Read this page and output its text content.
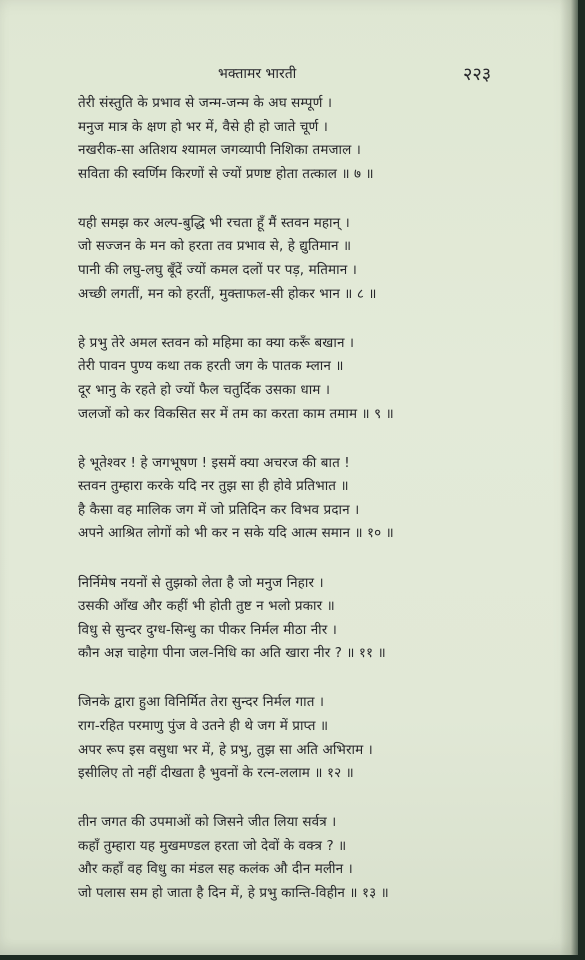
भक्तामर भारती	२२३
तेरी संस्तुति के प्रभाव से जन्म-जन्म के अघ सम्पूर्ण ।
मनुज मात्र के क्षण हो भर में, वैसे ही हो जाते चूर्ण ।
नखरीक-सा अतिशय श्यामल जगव्यापी निशिका तमजाल ।
सविता की स्वर्णिम किरणों से ज्यों प्रणष्ट होता तत्काल ॥ ७ ॥
यही समझ कर अल्प-बुद्धि भी रचता हूँ मैं स्तवन महान् ।
जो सज्जन के मन को हरता तव प्रभाव से, हे द्युतिमान ॥
पानी की लघु-लघु बूँदें ज्यों कमल दलों पर पड़, मतिमान ।
अच्छी लगतीं, मन को हरतीं, मुक्ताफल-सी होकर भान ॥ ८ ॥
हे प्रभु तेरे अमल स्तवन को महिमा का क्या करूँ बखान ।
तेरी पावन पुण्य कथा तक हरती जग के पातक म्लान ॥
दूर भानु के रहते हो ज्यों फैल चतुर्दिक उसका धाम ।
जलजों को कर विकसित सर में तम का करता काम तमाम ॥ ९ ॥
हे भूतेश्वर ! हे जगभूषण ! इसमें क्या अचरज की बात !
स्तवन तुम्हारा करके यदि नर तुझ सा ही होवे प्रतिभात ॥
है कैसा वह मालिक जग में जो प्रतिदिन कर विभव प्रदान ।
अपने आश्रित लोगों को भी कर न सके यदि आत्म समान ॥ १० ॥
निर्निमेष नयनों से तुझको लेता है जो मनुज निहार ।
उसकी आँख और कहीं भी होती तुष्ट न भलो प्रकार ॥
विधु से सुन्दर दुग्ध-सिन्धु का पीकर निर्मल मीठा नीर ।
कौन अज्ञ चाहेगा पीना जल-निधि का अति खारा नीर ? ॥ ११ ॥
जिनके द्वारा हुआ विनिर्मित तेरा सुन्दर निर्मल गात ।
राग-रहित परमाणु पुंज वे उतने ही थे जग में प्राप्त ॥
अपर रूप इस वसुधा भर में, हे प्रभु, तुझ सा अति अभिराम ।
इसीलिए तो नहीं दीखता है भुवनों के रत्न-ललाम ॥ १२ ॥
तीन जगत की उपमाओं को जिसने जीत लिया सर्वत्र ।
कहाँ तुम्हारा यह मुखमण्डल हरता जो देवों के वक्त्र ? ॥
और कहाँ वह विधु का मंडल सह कलंक औ दीन मलीन ।
जो पलास सम हो जाता है दिन में, हे प्रभु कान्ति-विहीन ॥ १३ ॥
